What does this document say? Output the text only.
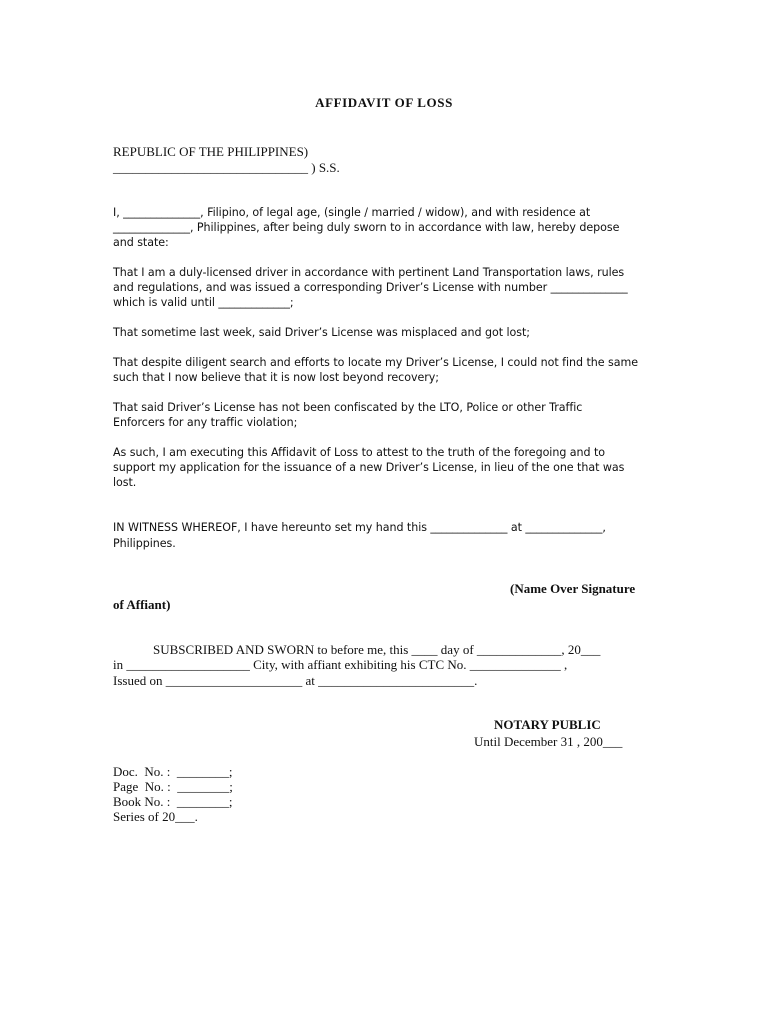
AFFIDAVIT OF LOSS
REPUBLIC OF THE PHILIPPINES)
______________________________ ) S.S.
I, ______________, Filipino, of legal age, (single / married / widow), and with residence at
______________, Philippines, after being duly sworn to in accordance with law, hereby depose
and state:
That I am a duly-licensed driver in accordance with pertinent Land Transportation laws, rules
and regulations, and was issued a corresponding Driver’s License with number ______________
which is valid until _____________;
That sometime last week, said Driver’s License was misplaced and got lost;
That despite diligent search and efforts to locate my Driver’s License, I could not find the same
such that I now believe that it is now lost beyond recovery;
That said Driver’s License has not been confiscated by the LTO, Police or other Traffic
Enforcers for any traffic violation;
As such, I am executing this Affidavit of Loss to attest to the truth of the foregoing and to
support my application for the issuance of a new Driver’s License, in lieu of the one that was
lost.
IN WITNESS WHEREOF, I have hereunto set my hand this ______________ at ______________,
Philippines.
(Name Over Signature
of Affiant)
SUBSCRIBED AND SWORN to before me, this ____ day of _____________, 20___
in ___________________ City, with affiant exhibiting his CTC No. ______________ ,
Issued on _____________________ at ________________________.
NOTARY PUBLIC
Until December 31 , 200___
Doc.  No. :  ________;
Page  No. :  ________;
Book No. :  ________;
Series of 20___.
